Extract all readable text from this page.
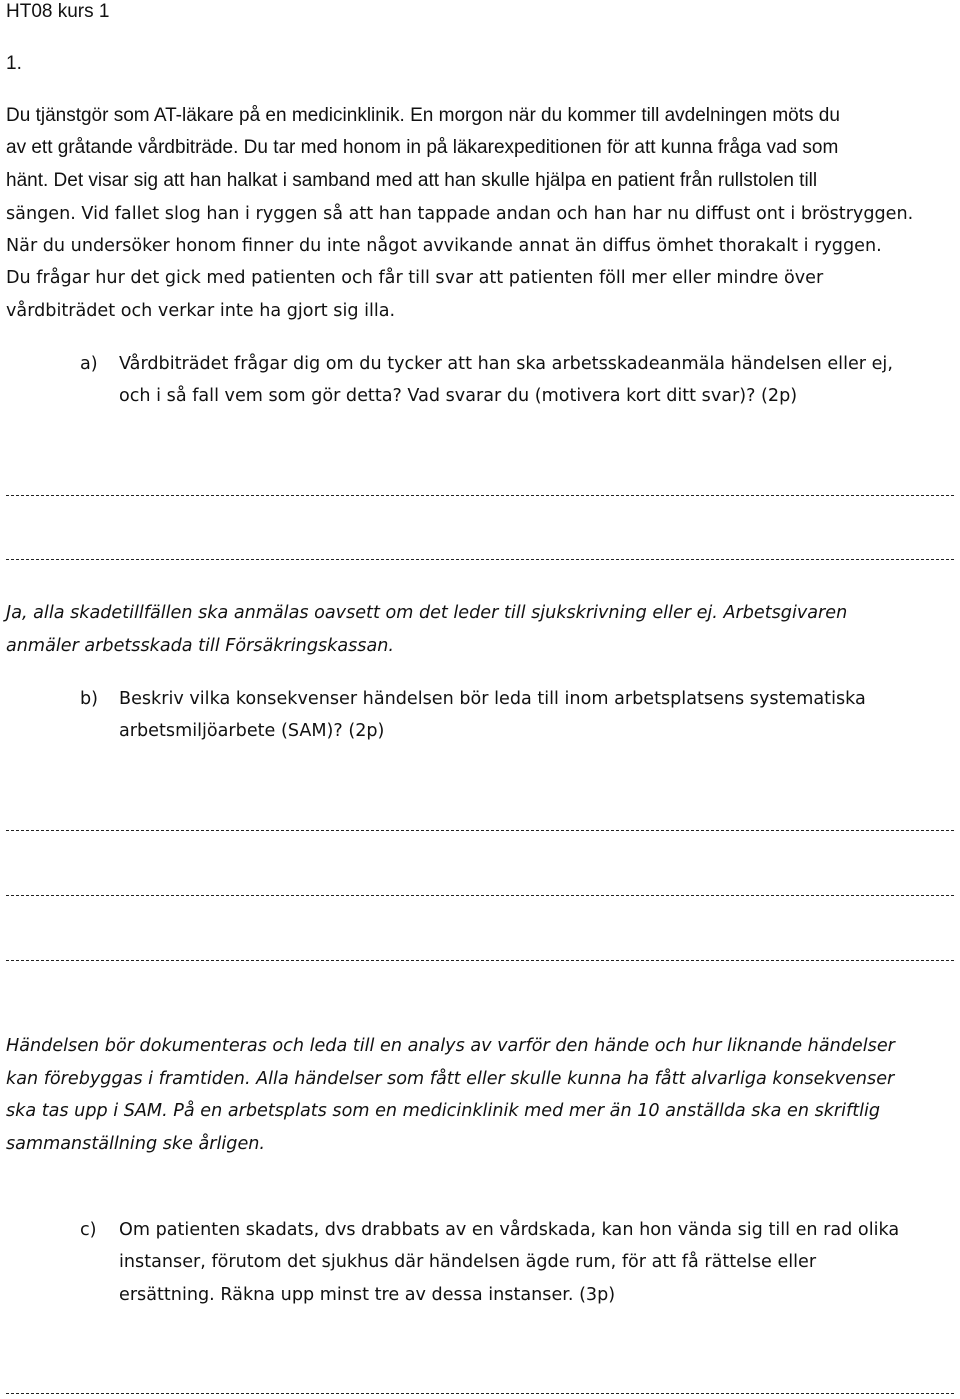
HT08 kurs 1
1.
Du tjänstgör som AT-läkare på en medicinklinik. En morgon när du kommer till avdelningen möts du
av ett gråtande vårdbiträde. Du tar med honom in på läkarexpeditionen för att kunna fråga vad som
hänt. Det visar sig att han halkat i samband med att han skulle hjälpa en patient från rullstolen till
sängen. Vid fallet slog han i ryggen så att han tappade andan och han har nu diffust ont i bröstryggen.
När du undersöker honom finner du inte något avvikande annat än diffus ömhet thorakalt i ryggen.
Du frågar hur det gick med patienten och får till svar att patienten föll mer eller mindre över
vårdbiträdet och verkar inte ha gjort sig illa.
a) Vårdbiträdet frågar dig om du tycker att han ska arbetsskadeanmäla händelsen eller ej,
och i så fall vem som gör detta? Vad svarar du (motivera kort ditt svar)? (2p)
Ja, alla skadetillfällen ska anmälas oavsett om det leder till sjukskrivning eller ej. Arbetsgivaren
anmäler arbetsskada till Försäkringskassan.
b) Beskriv vilka konsekvenser händelsen bör leda till inom arbetsplatsens systematiska
arbetsmiljöarbete (SAM)? (2p)
Händelsen bör dokumenteras och leda till en analys av varför den hände och hur liknande händelser
kan förebyggas i framtiden. Alla händelser som fått eller skulle kunna ha fått alvarliga konsekvenser
ska tas upp i SAM. På en arbetsplats som en medicinklinik med mer än 10 anställda ska en skriftlig
sammanställning ske årligen.
c) Om patienten skadats, dvs drabbats av en vårdskada, kan hon vända sig till en rad olika
instanser, förutom det sjukhus där händelsen ägde rum, för att få rättelse eller
ersättning. Räkna upp minst tre av dessa instanser. (3p)
